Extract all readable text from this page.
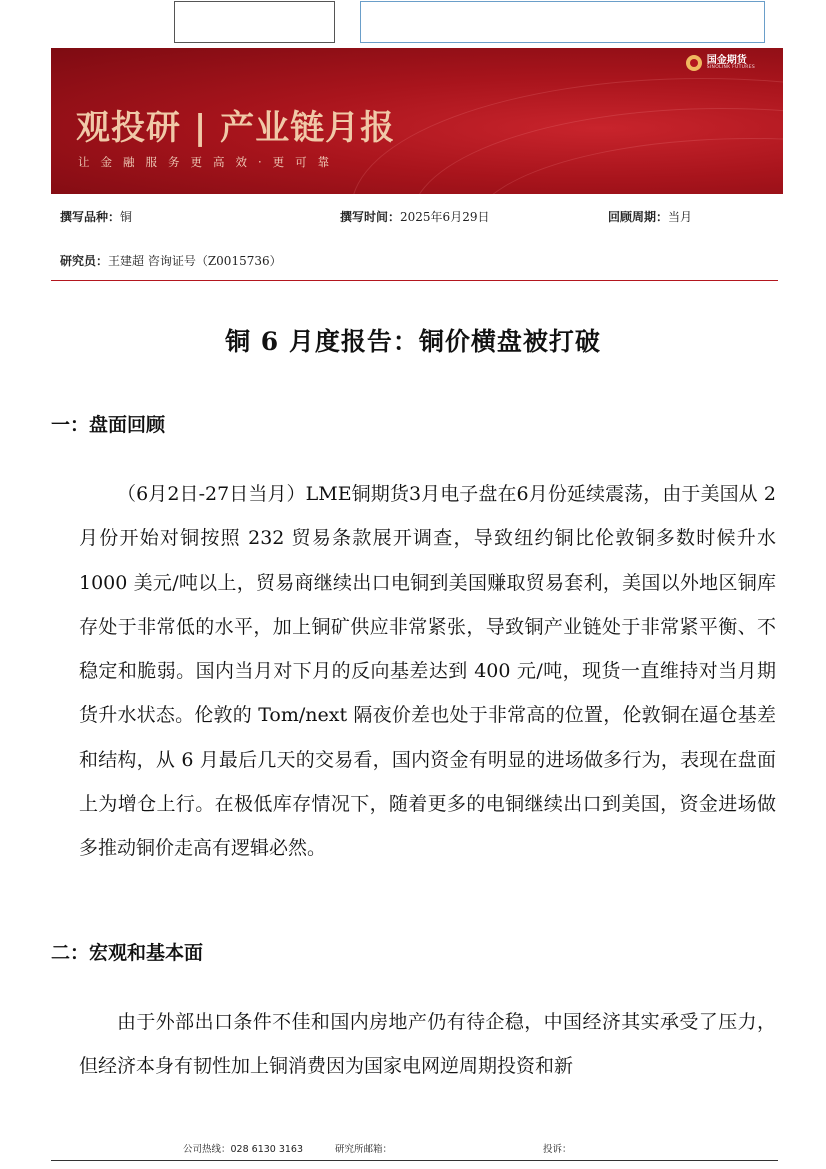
国金期货
SINOLINK FUTURES
观投研 | 产业链月报
让金融服务更高效·更可靠
撰写品种：铜	撰写时间：2025年6月29日	回顾周期：当月
研究员：王建超 咨询证号（Z0015736）
铜 6 月度报告：铜价横盘被打破
一：盘面回顾

（6月2日-27日当月）LME铜期货3月电子盘在6月份延续震荡，由于美国从 2 月份开始对铜按照 232 贸易条款展开调查，导致纽约铜比伦敦铜多数时候升水 1000 美元/吨以上，贸易商继续出口电铜到美国赚取贸易套利，美国以外地区铜库存处于非常低的水平，加上铜矿供应非常紧张，导致铜产业链处于非常紧平衡、不稳定和脆弱。国内当月对下月的反向基差达到 400 元/吨，现货一直维持对当月期货升水状态。伦敦的 Tom/next 隔夜价差也处于非常高的位置，伦敦铜在逼仓基差和结构，从 6 月最后几天的交易看，国内资金有明显的进场做多行为，表现在盘面上为增仓上行。在极低库存情况下，随着更多的电铜继续出口到美国，资金进场做多推动铜价走高有逻辑必然。

二：宏观和基本面

由于外部出口条件不佳和国内房地产仍有待企稳，中国经济其实承受了压力，但经济本身有韧性加上铜消费因为国家电网逆周期投资和新

公司热线：028 6130 3163	研究所邮箱：	投诉：
